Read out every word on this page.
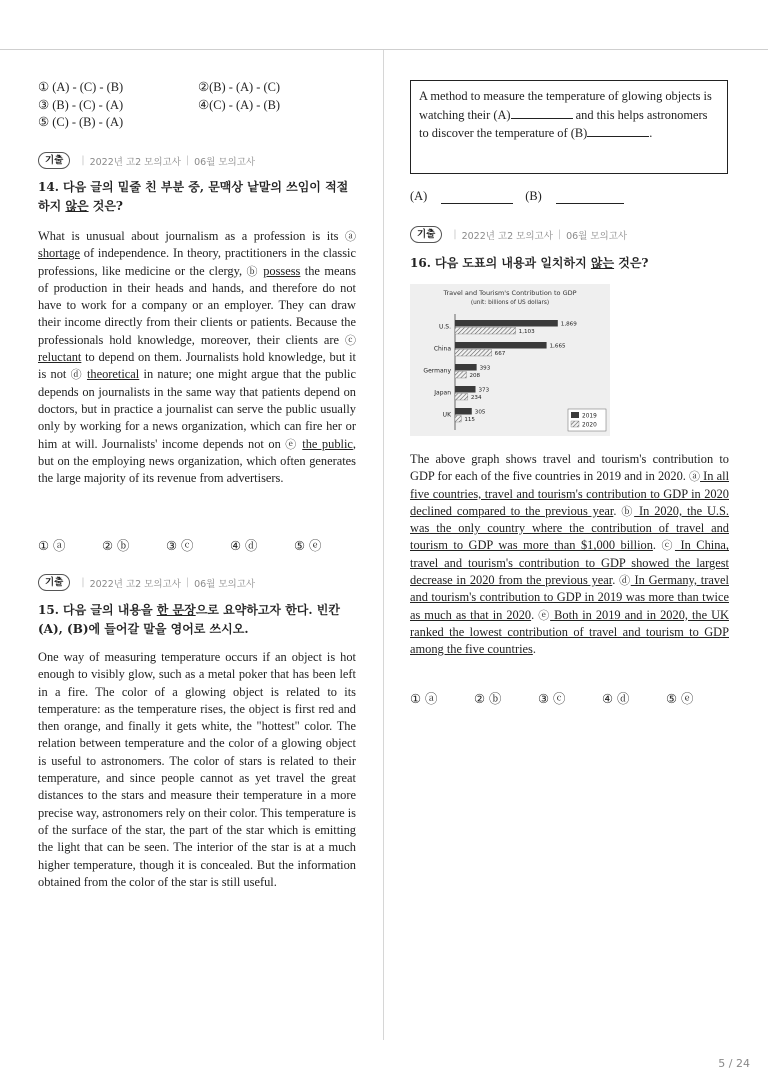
① (A) - (C) - (B)	②(B) - (A) - (C)
③ (B) - (C) - (A)	④(C) - (A) - (B)
⑤ (C) - (B) - (A)
기출	| 2022년 고2 모의고사 | 06월 모의고사
14. 다음 글의 밑줄 친 부분 중, 문맥상 낱말의 쓰임이 적절하지 않은 것은?
What is unusual about journalism as a profession is its ⓐ shortage of independence. In theory, practitioners in the classic professions, like medicine or the clergy, ⓑ possess the means of production in their heads and hands, and therefore do not have to work for a company or an employer. They can draw their income directly from their clients or patients. Because the professionals hold knowledge, moreover, their clients are ⓒ reluctant to depend on them. Journalists hold knowledge, but it is not ⓓ theoretical in nature; one might argue that the public depends on journalists in the same way that patients depend on doctors, but in practice a journalist can serve the public usually only by working for a news organization, which can fire her or him at will. Journalists' income depends not on ⓔ the public, but on the employing news organization, which often generates the large majority of its revenue from advertisers.
① ⓐ	② ⓑ	③ ⓒ	④ ⓓ	⑤ ⓔ
기출	| 2022년 고2 모의고사 | 06월 모의고사
15. 다음 글의 내용을 한 문장으로 요약하고자 한다. 빈칸 (A), (B)에 들어갈 말을 영어로 쓰시오.
One way of measuring temperature occurs if an object is hot enough to visibly glow, such as a metal poker that has been left in a fire. The color of a glowing object is related to its temperature: as the temperature rises, the object is first red and then orange, and finally it gets white, the "hottest" color. The relation between temperature and the color of a glowing object is useful to astronomers. The color of stars is related to their temperature, and since people cannot as yet travel the great distances to the stars and measure their temperature in a more precise way, astronomers rely on their color. This temperature is of the surface of the star, the part of the star which is emitting the light that can be seen. The interior of the star is at a much higher temperature, though it is concealed. But the information obtained from the color of the star is still useful.
A method to measure the temperature of glowing objects is watching their (A)	and this helps astronomers to discover the temperature of (B)	.
(A)	(B)
기출	| 2022년 고2 모의고사 | 06월 모의고사
16. 다음 도표의 내용과 일치하지 않는 것은?
Travel and Tourism's Contribution to GDP
(unit: billions of US dollars)
U.S.	1,869
1,103
China	1,665
667
Germany	393
208
Japan	373
234
UK	305
115
2019
2020
The above graph shows travel and tourism's contribution to GDP for each of the five countries in 2019 and in 2020. ⓐ In all five countries, travel and tourism's contribution to GDP in 2020 declined compared to the previous year. ⓑ In 2020, the U.S. was the only country where the contribution of travel and tourism to GDP was more than $1,000 billion. ⓒ In China, travel and tourism's contribution to GDP showed the largest decrease in 2020 from the previous year. ⓓ In Germany, travel and tourism's contribution to GDP in 2019 was more than twice as much as that in 2020. ⓔ Both in 2019 and in 2020, the UK ranked the lowest contribution of travel and tourism to GDP among the five countries.
① ⓐ	② ⓑ	③ ⓒ	④ ⓓ	⑤ ⓔ
5 / 24
